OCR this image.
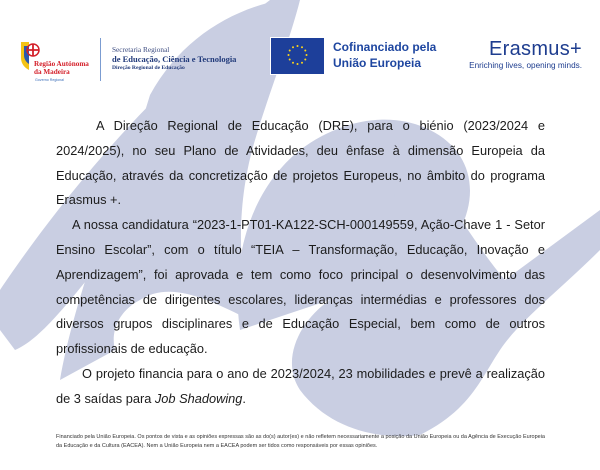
Região Autónoma
da Madeira
Governo Regional
Secretaria Regional
de Educação, Ciência e Tecnologia
Direção Regional de Educação
Cofinanciado pela
União Europeia
Erasmus+
Enriching lives, opening minds.

A Direção Regional de Educação (DRE), para o biénio (2023/2024 e 2024/2025), no seu Plano de Atividades, deu ênfase à dimensão Europeia da Educação, através da concretização de projetos Europeus, no âmbito do programa Erasmus +.

A nossa candidatura “2023-1-PT01-KA122-SCH-000149559, Ação-Chave 1 - Setor Ensino Escolar”, com o título “TEIA – Transformação, Educação, Inovação e Aprendizagem”, foi aprovada e tem como foco principal o desenvolvimento das competências de dirigentes escolares, lideranças intermédias e professores dos diversos grupos disciplinares e de Educação Especial, bem como de outros profissionais de educação.

O projeto financia para o ano de 2023/2024, 23 mobilidades e prevê a realização de 3 saídas para Job Shadowing.

Financiado pela União Europeia. Os pontos de vista e as opiniões expressas são as do(s) autor(es) e não refletem necessariamente a posição da União Europeia ou da Agência de Execução Europeia da Educação e da Cultura (EACEA). Nem a União Europeia nem a EACEA podem ser tidos como responsáveis por essas opiniões.
